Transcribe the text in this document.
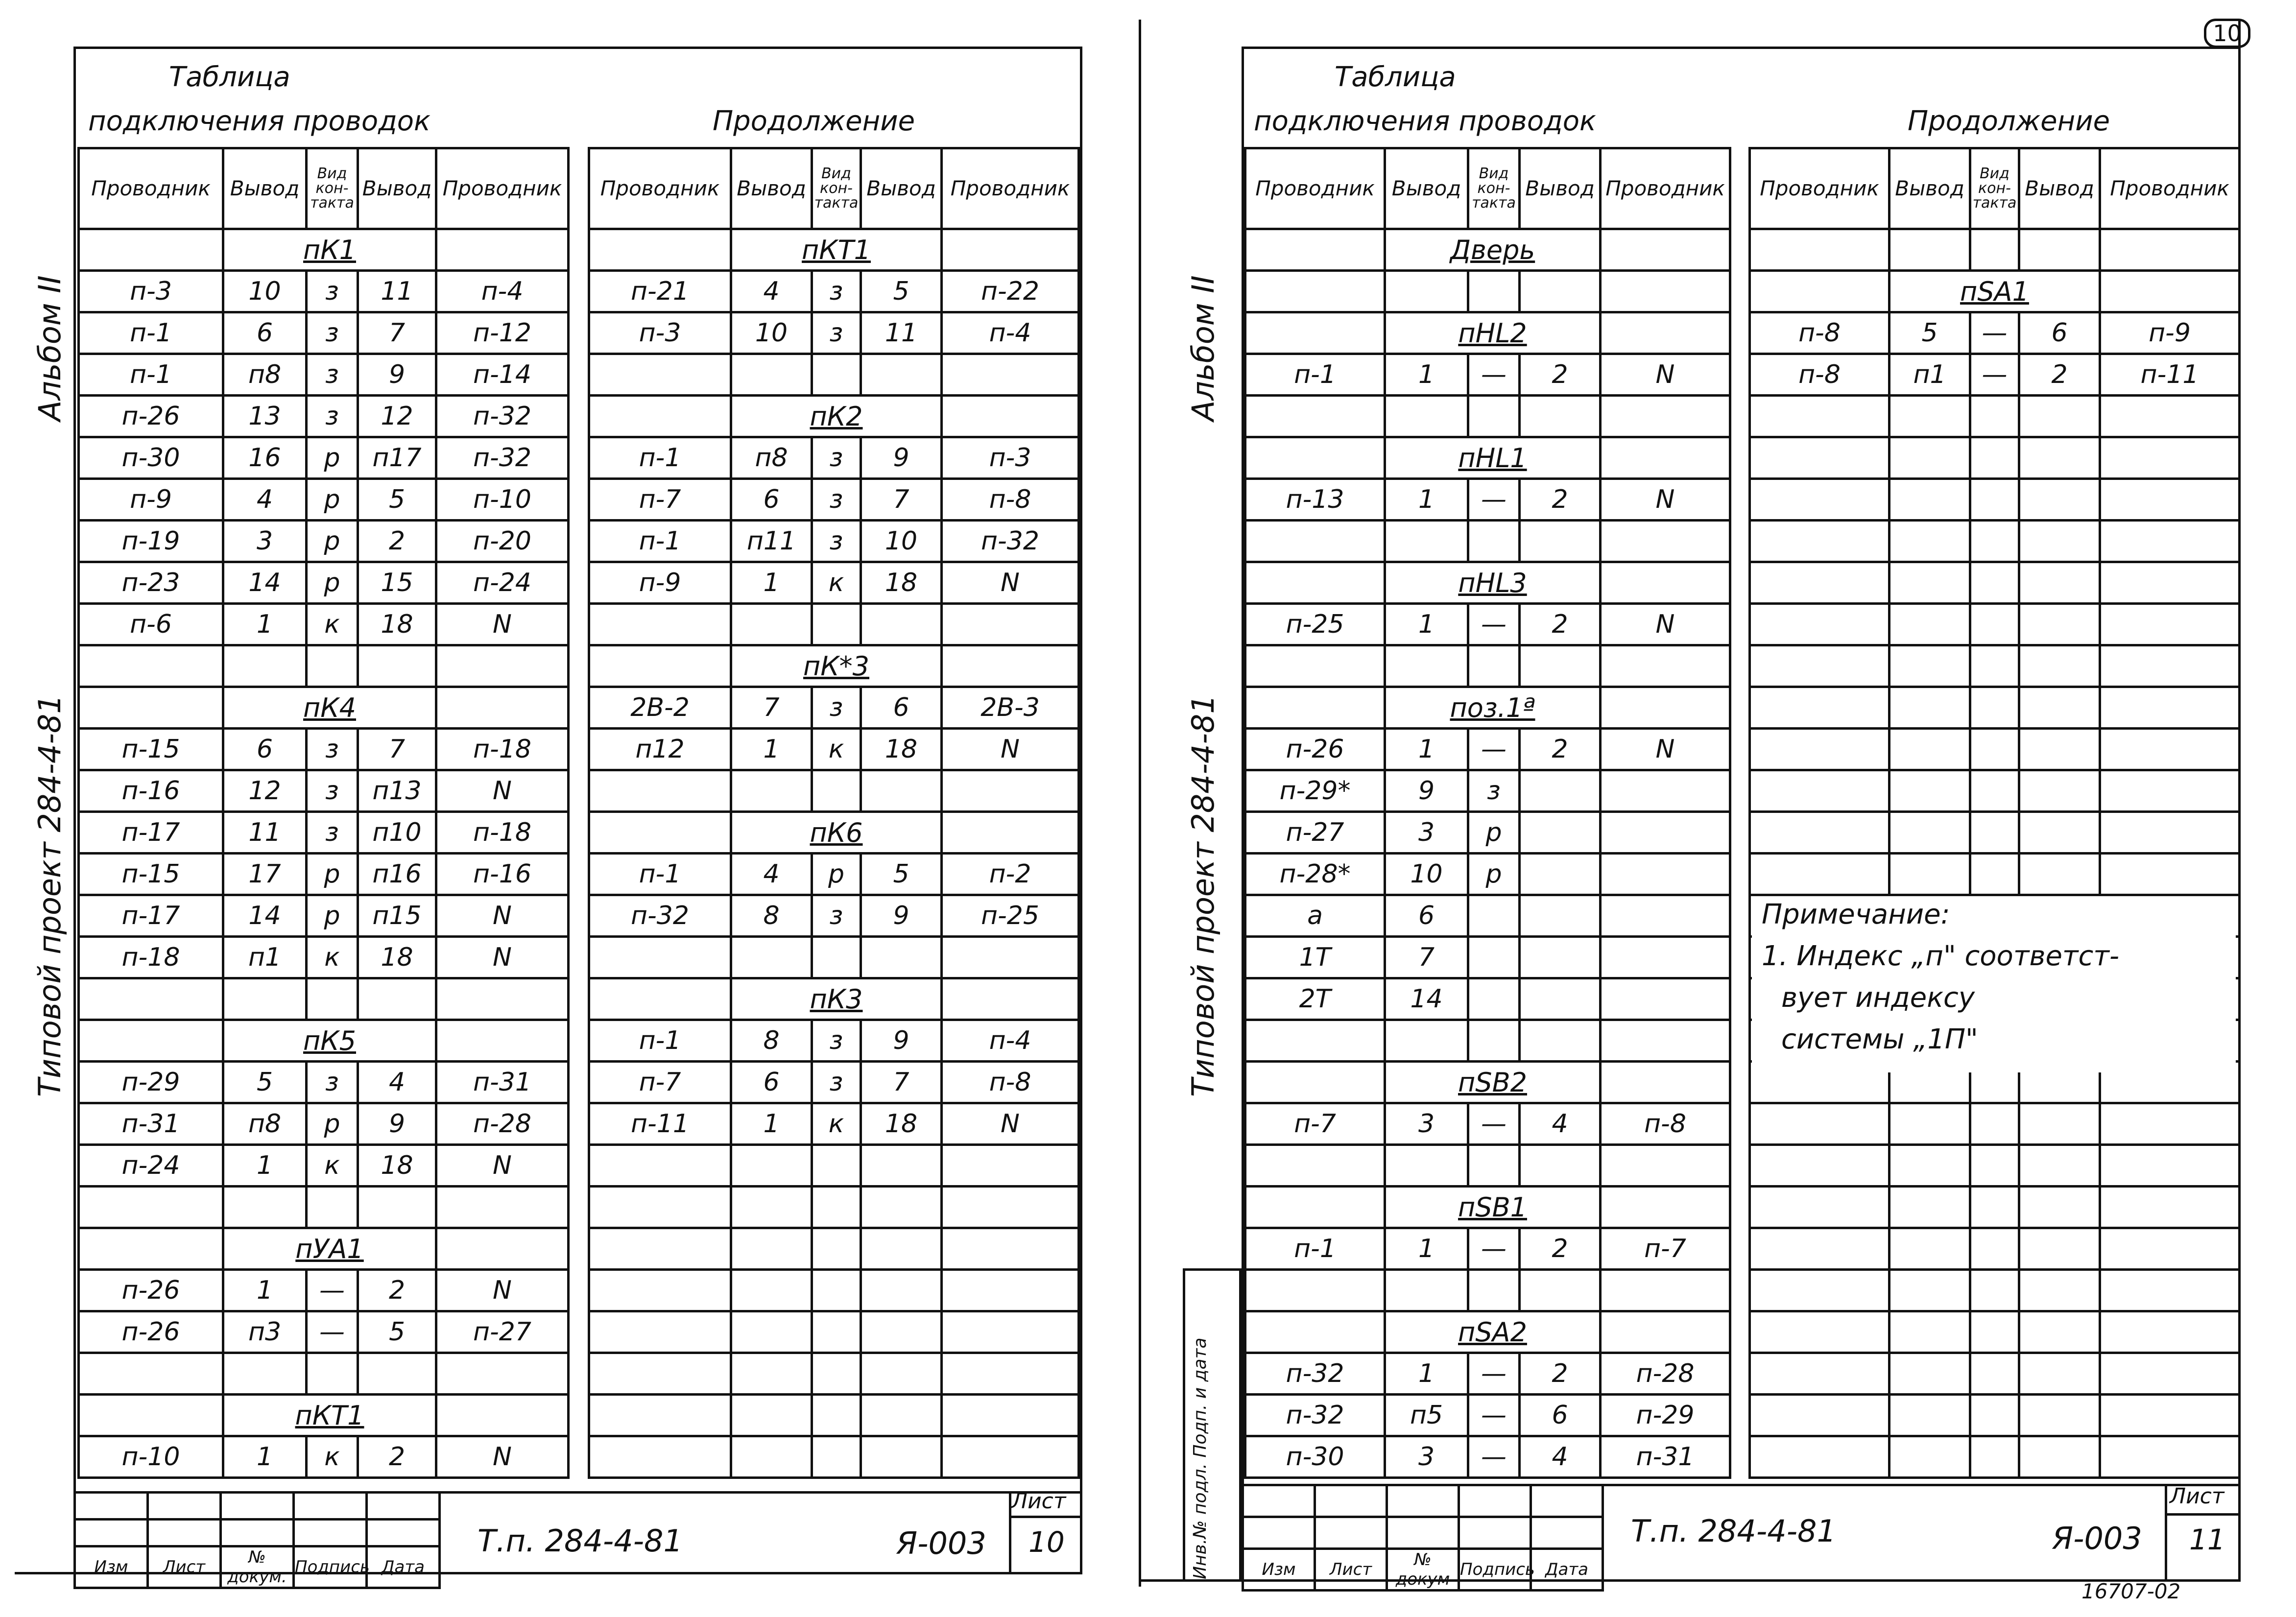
Таблица
подключения проводок	Продолжение
Альбом II
Типовой проект 284-4-81
Проводник	Вывод	Вид кон-такта	Вывод	Проводник
	пК1			
п-3	10	з	11	п-4
п-1	6	з	7	п-12
п-1	п8	з	9	п-14
п-26	13	з	12	п-32
п-30	16	р	п17	п-32
п-9	4	р	5	п-10
п-19	3	р	2	п-20
п-23	14	р	15	п-24
п-6	1	к	18	N

	пК4			
п-15	6	з	7	п-18
п-16	12	з	п13	N
п-17	11	з	п10	п-18
п-15	17	р	п16	п-16
п-17	14	р	п15	N
п-18	п1	к	18	N

	пК5			
п-29	5	з	4	п-31
п-31	п8	р	9	п-28
п-24	1	к	18	N

	пУА1			
п-26	1	—	2	N
п-26	п3	—	5	п-27

	пКТ1			
п-10	1	к	2	N
Проводник	Вывод	Вид кон-такта	Вывод	Проводник
	пКТ1			
п-21	4	з	5	п-22
п-3	10	з	11	п-4

	пК2			
п-1	п8	з	9	п-3
п-7	6	з	7	п-8
п-1	п11	з	10	п-32
п-9	1	к	18	N

	пК*3			
2В-2	7	з	6	2В-3
п12	1	к	18	N

	пК6			
п-1	4	р	5	п-2
п-32	8	з	9	п-25

	пК3			
п-1	8	з	9	п-4
п-7	6	з	7	п-8
п-11	1	к	18	N

Изм	Лист	№ докум.	Подпись	Дата
Т.п. 284-4-81	Я-003
Лист
10
10
Таблица
подключения проводок	Продолжение
Альбом II
Типовой проект 284-4-81
Проводник	Вывод	Вид кон-такта	Вывод	Проводник
	Дверь			

	пНL2			
п-1	1	—	2	N

	пНL1			
п-13	1	—	2	N

	пНL3			
п-25	1	—	2	N

	поз.1ª			
п-26	1	—	2	N
п-29*	9	з		
п-27	3	р		
п-28*	10	р		
a	6			
1Т	7			
2Т	14			

	пSВ2			
п-7	3	—	4	п-8

	пSВ1			
п-1	1	—	2	п-7

	пSА2			
п-32	1	—	2	п-28
п-32	п5	—	6	п-29
п-30	3	—	4	п-31
Проводник	Вывод	Вид кон-такта	Вывод	Проводник

	пSА1			
п-8	5	—	6	п-9
п-8	п1	—	2	п-11

Примечание:
1. Индекс „п" соответст-
вует индексу
системы „1П"
Инв.№ подл. Подп. и дата

					Изм	Лист	№ докум	Подпись	Дата
Т.п. 284-4-81	Я-003
Лист
11
16707-02
